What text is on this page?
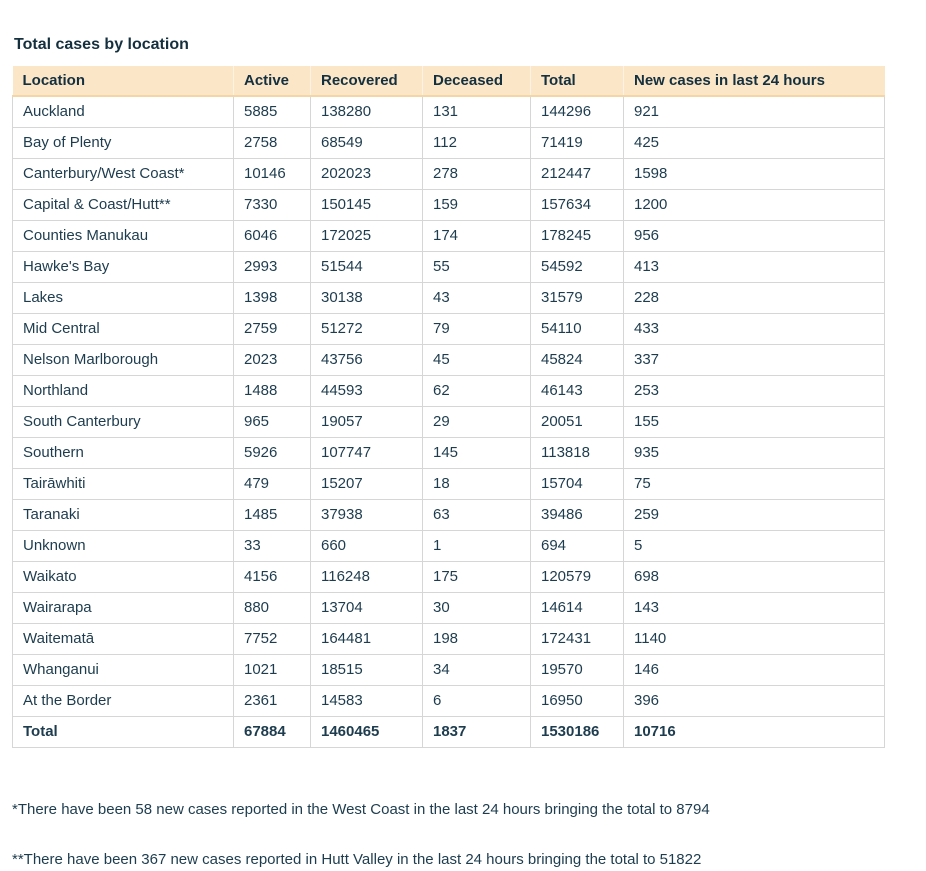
Total cases by location
Location	Active	Recovered	Deceased	Total	New cases in last 24 hours
Auckland	5885	138280	131	144296	921
Bay of Plenty	2758	68549	112	71419	425
Canterbury/West Coast*	10146	202023	278	212447	1598
Capital & Coast/Hutt**	7330	150145	159	157634	1200
Counties Manukau	6046	172025	174	178245	956
Hawke's Bay	2993	51544	55	54592	413
Lakes	1398	30138	43	31579	228
Mid Central	2759	51272	79	54110	433
Nelson Marlborough	2023	43756	45	45824	337
Northland	1488	44593	62	46143	253
South Canterbury	965	19057	29	20051	155
Southern	5926	107747	145	113818	935
Tairāwhiti	479	15207	18	15704	75
Taranaki	1485	37938	63	39486	259
Unknown	33	660	1	694	5
Waikato	4156	116248	175	120579	698
Wairarapa	880	13704	30	14614	143
Waitematā	7752	164481	198	172431	1140
Whanganui	1021	18515	34	19570	146
At the Border	2361	14583	6	16950	396
Total	67884	1460465	1837	1530186	10716

*There have been 58 new cases reported in the West Coast in the last 24 hours bringing the total to 8794

**There have been 367 new cases reported in Hutt Valley in the last 24 hours bringing the total to 51822
